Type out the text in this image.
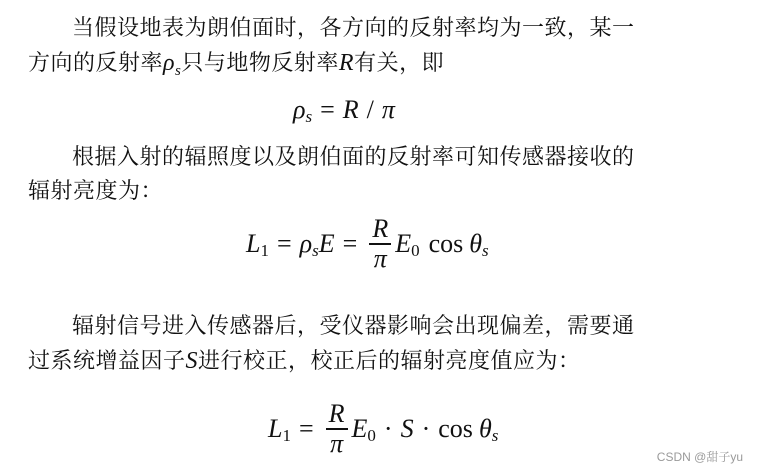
当假设地表为朗伯面时，各方向的反射率均为一致，某一
方向的反射率$\rho_s$只与地物反射率R有关，即

ρ s = R / π

根据入射的辐照度以及朗伯面的反射率可知传感器接收的
辐射亮度为：

L 1 = ρ s $E = \frac{R}{\pi}$ E 0 cos θ s

辐射信号进入传感器后，受仪器影响会出现偏差，需要通
过系统增益因子S进行校正，校正后的辐射亮度值应为：

L $1 = \frac{R}{\pi}$ E 0 · S · cos θ s
CSDN @甜子yu
